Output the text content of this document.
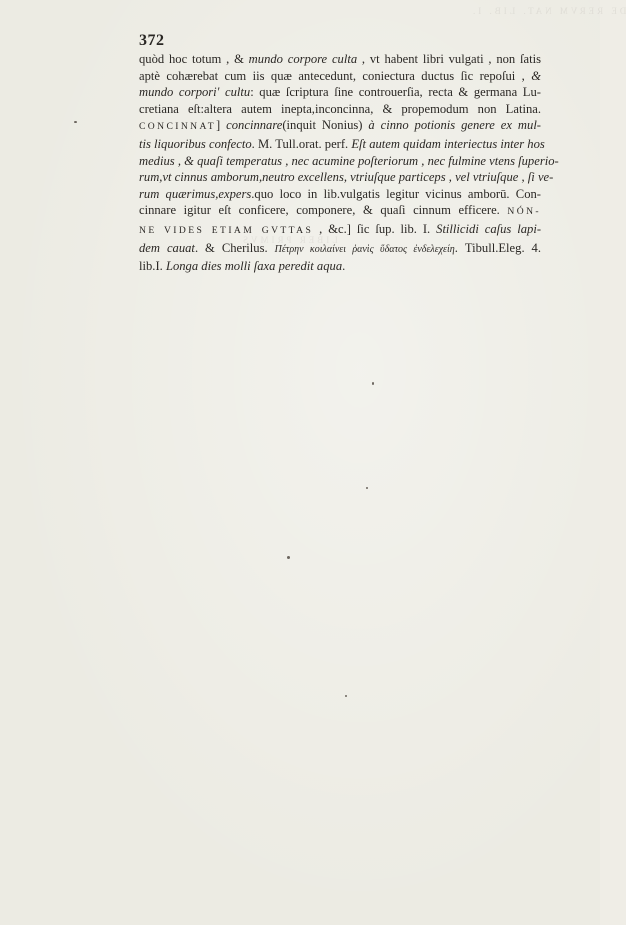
DE RERVM NAT. LIB. I.
LIBER PRIMVS
372
quòd hoc totum , & mundo corpore culta , vt habent libri vulgati , non ſatis
aptè cohærebat cum iis quæ antecedunt, coniectura ductus ſic repoſui , &
mundo corpori' cultu: quæ ſcriptura ſine controuerſia, recta & germana Lu-
cretiana eſt:altera autem inepta,inconcinna, & propemodum non Latina.
CONCINNAT] concinnare(inquit Nonius) à cinno potionis genere ex mul-
tis liquoribus confecto. M. Tull.orat. perf. Eſt autem quidam interiectus inter hos
medius , & quaſi temperatus , nec acumine poſteriorum , nec fulmine vtens ſuperio-
rum,vt cinnus amborum,neutro excellens, vtriuſque particeps , vel vtriuſque , ſi ve-
rum quærimus,expers.quo loco in lib.vulgatis legitur vicinus amborū. Con-
cinnare igitur eſt conficere, componere, & quaſi cinnum efficere. NÓN-
NE VIDES ETIAM GVTTAS , &c.] ſic ſup. lib. I. Stillicidi caſus lapi-
dem cauat. & Cherilus. Πέτρην κοιλαίνει ῥανὶς ὕδατος ἐνδελεχείη. Tibull.Eleg. 4.
lib.I. Longa dies molli ſaxa peredit aqua.
